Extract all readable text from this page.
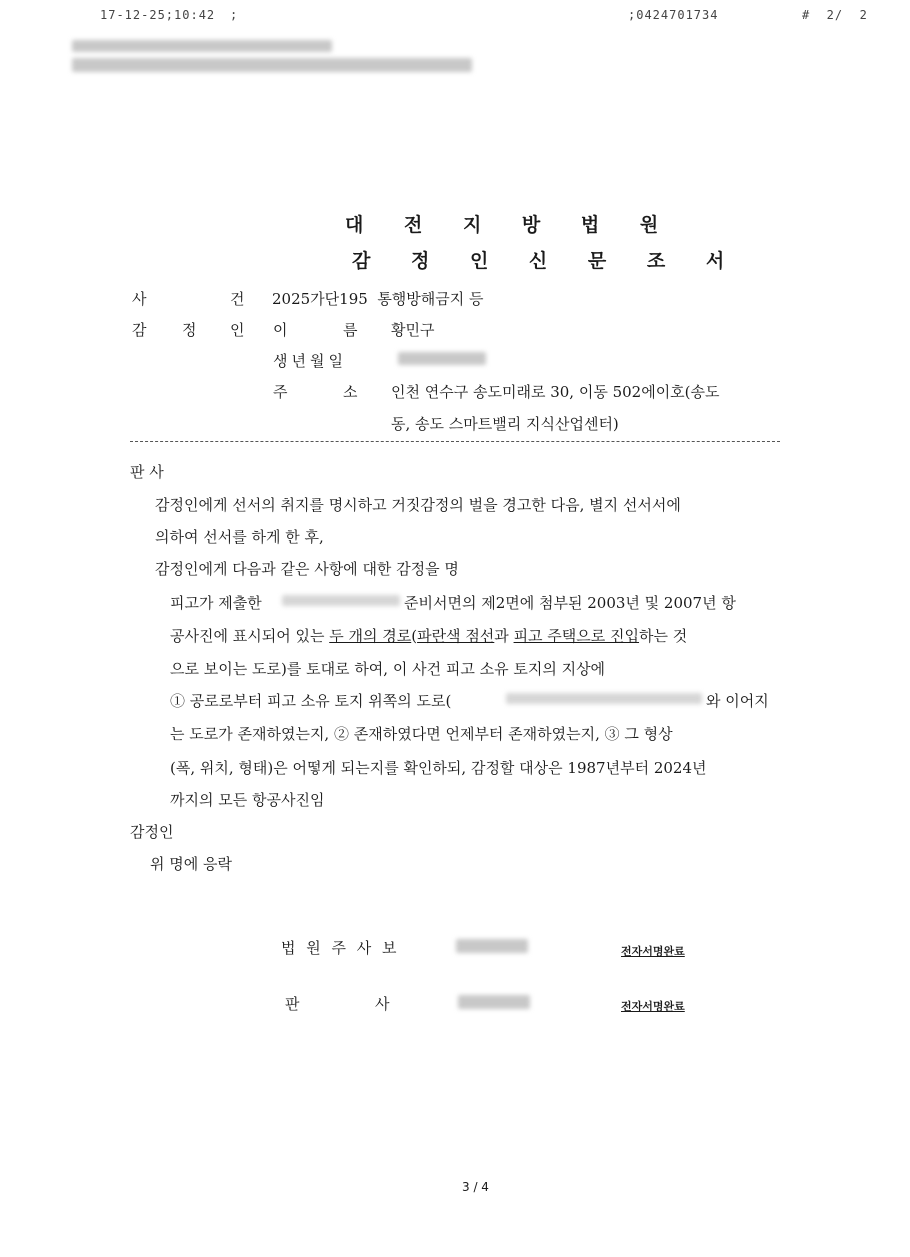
17-12-25;10:42 ;	;0424701734	#  2/  2
대 전 지 방 법 원
감 정 인 신 문 조 서
사	건 2025가단195  통행방해금지 등
감 정 인 이	름 황민구
생년월일
주	소 인천 연수구 송도미래로 30, 이동 502에이호(송도
동, 송도 스마트밸리 지식산업센터)
판 사
감정인에게 선서의 취지를 명시하고 거짓감정의 벌을 경고한 다음, 별지 선서서에
의하여 선서를 하게 한 후,
감정인에게 다음과 같은 사항에 대한 감정을 명
피고가 제출한	준비서면의 제2면에 첨부된 2003년 및 2007년 항
공사진에 표시되어 있는 두 개의 경로(파란색 점선과 피고 주택으로 진입하는 것
으로 보이는 도로)를 토대로 하여, 이 사건 피고 소유 토지의 지상에
① 공로로부터 피고 소유 토지 위쪽의 도로(	와 이어지
는 도로가 존재하였는지, ② 존재하였다면 언제부터 존재하였는지, ③ 그 형상
(폭, 위치, 형태)은 어떻게 되는지를 확인하되, 감정할 대상은 1987년부터 2024년
까지의 모든 항공사진임
감정인
위 명에 응락
법 원 주 사 보	전자서명완료
판	사	전자서명완료
3 / 4
